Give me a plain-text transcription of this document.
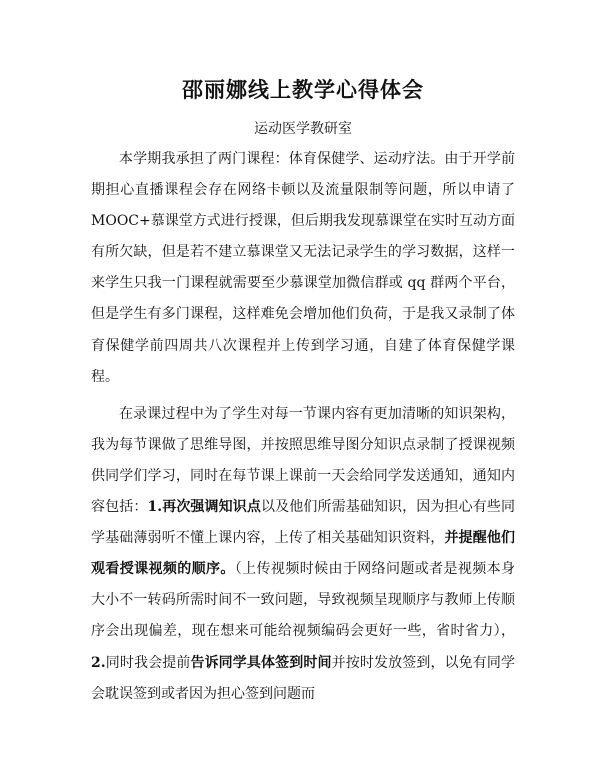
邵丽娜线上教学心得体会
运动医学教研室

本学期我承担了两门课程：体育保健学、运动疗法。由于开学前期担心直播课程会存在网络卡顿以及流量限制等问题，所以申请了 MOOC+慕课堂方式进行授课，但后期我发现慕课堂在实时互动方面有所欠缺，但是若不建立慕课堂又无法记录学生的学习数据，这样一来学生只我一门课程就需要至少慕课堂加微信群或 qq 群两个平台，但是学生有多门课程，这样难免会增加他们负荷，于是我又录制了体育保健学前四周共八次课程并上传到学习通，自建了体育保健学课程。

在录课过程中为了学生对每一节课内容有更加清晰的知识架构，我为每节课做了思维导图，并按照思维导图分知识点录制了授课视频供同学们学习，同时在每节课上课前一天会给同学发送通知，通知内容包括：1.再次强调知识点以及他们所需基础知识，因为担心有些同学基础薄弱听不懂上课内容，上传了相关基础知识资料，并提醒他们观看授课视频的顺序。（上传视频时候由于网络问题或者是视频本身大小不一转码所需时间不一致问题，导致视频呈现顺序与教师上传顺序会出现偏差，现在想来可能给视频编码会更好一些，省时省力），2.同时我会提前告诉同学具体签到时间并按时发放签到，以免有同学会耽误签到或者因为担心签到问题而
